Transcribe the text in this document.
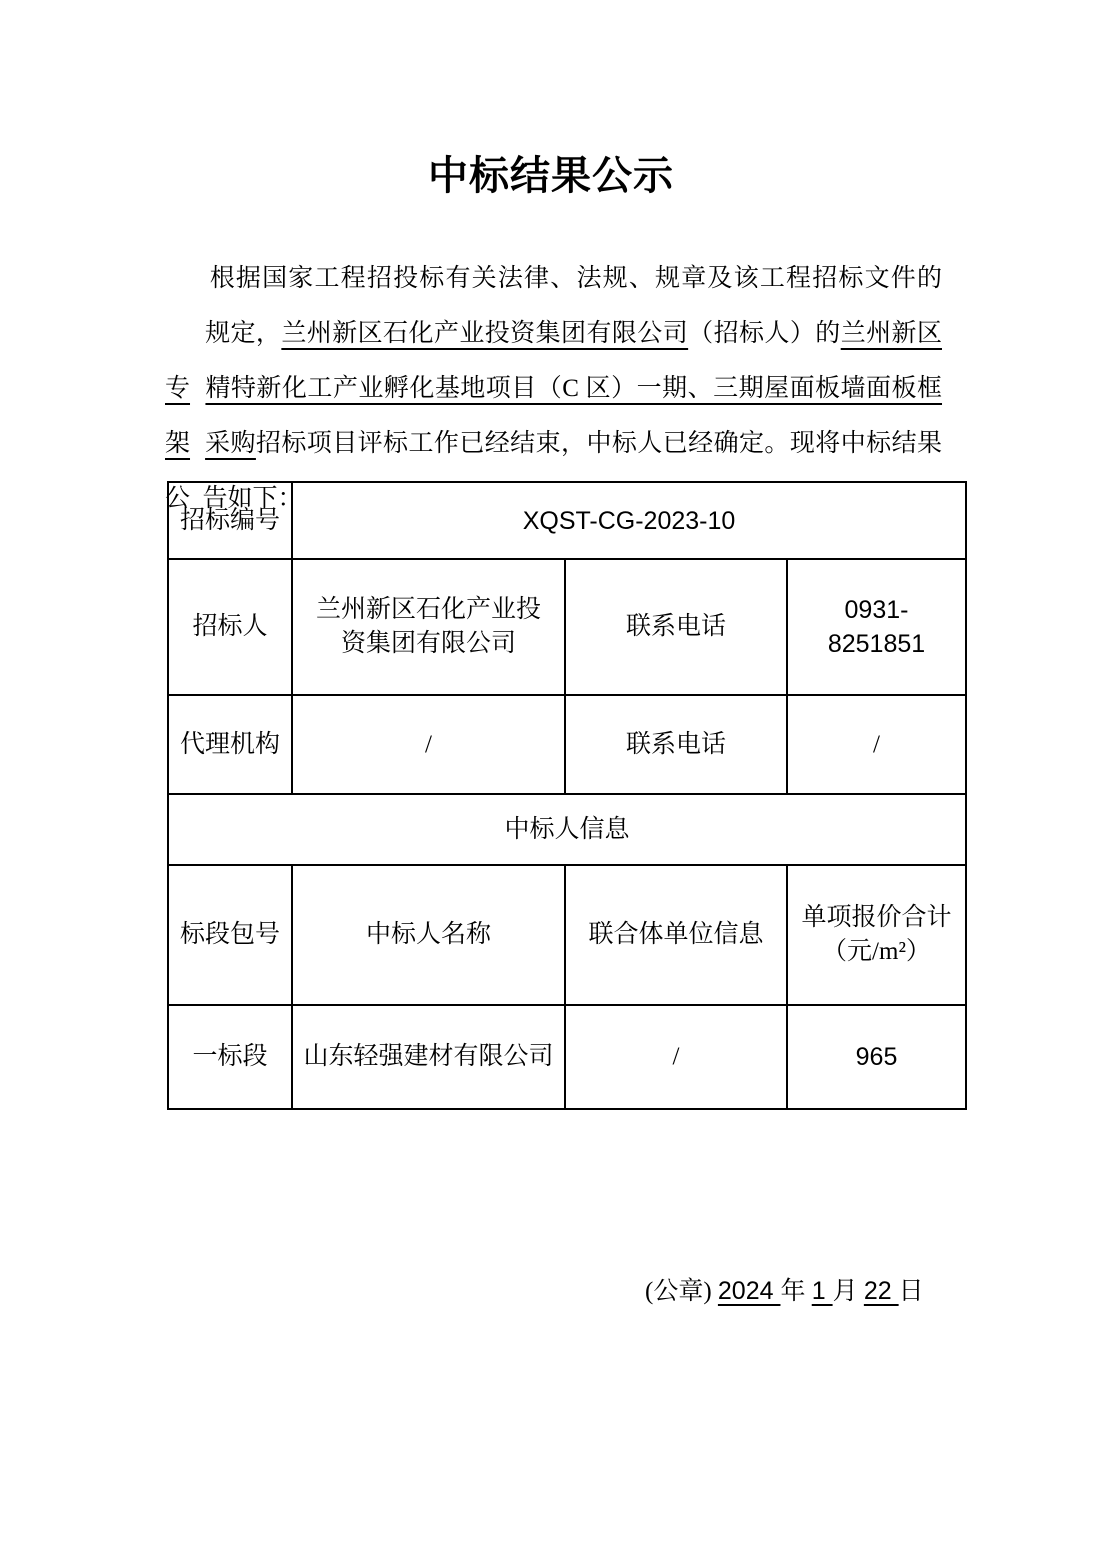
中标结果公示

根据国家工程招投标有关法律、法规、规章及该工程招标文件的

规定，兰州新区石化产业投资集团有限公司（招标人）的兰州新区专
精特新化工产业孵化基地项目（C 区）一期、三期屋面板墙面板框架
采购招标项目评标工作已经结束，中标人已经确定。现将中标结果公
告如下：

招标编号	XQST-CG-2023-10		
招标人	兰州新区石化产业投资集团有限公司	联系电话	0931-8251851
代理机构	/	联系电话	/
中标人信息			
标段包号	中标人名称	联合体单位信息	单项报价合计
（元/m²）

一标段	山东轻强建材有限公司	/	965

(公章) 2024 年 1 月 22 日
